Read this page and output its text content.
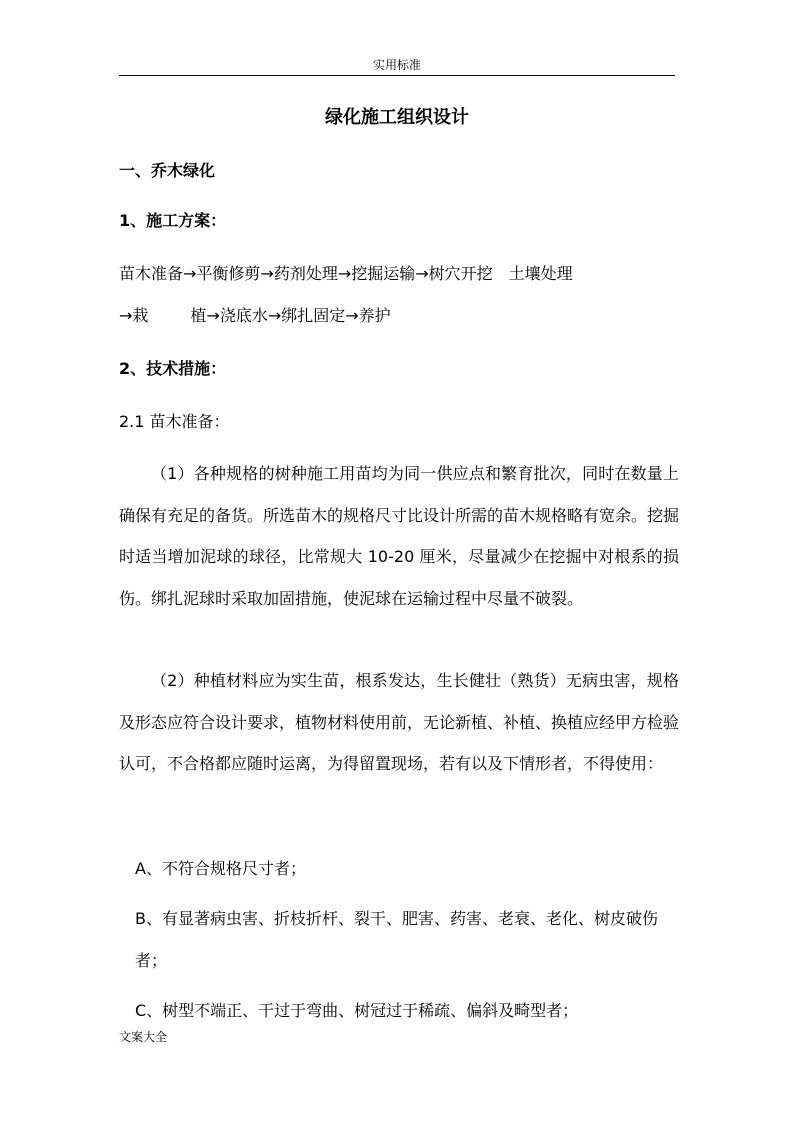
实用标准
绿化施工组织设计
一、乔木绿化
1、施工方案：
苗木准备→平衡修剪→药剂处理→挖掘运输→树穴开挖 土壤处理
→栽	植→浇底水→绑扎固定→养护
2、技术措施：
2.1 苗木准备：
（1）各种规格的树种施工用苗均为同一供应点和繁育批次，同时在数量上确保有充足的备货。所选苗木的规格尺寸比设计所需的苗木规格略有宽余。挖掘时适当增加泥球的球径，比常规大 10-20 厘米，尽量减少在挖掘中对根系的损伤。绑扎泥球时采取加固措施，使泥球在运输过程中尽量不破裂。
（2）种植材料应为实生苗，根系发达，生长健壮（熟货）无病虫害，规格及形态应符合设计要求，植物材料使用前，无论新植、补植、换植应经甲方检验认可，不合格都应随时运离，为得留置现场，若有以及下情形者，不得使用：
A、不符合规格尺寸者；
B、有显著病虫害、折枝折杆、裂干、肥害、药害、老衰、老化、树皮破伤者；
C、树型不端正、干过于弯曲、树冠过于稀疏、偏斜及畸型者；
文案大全
